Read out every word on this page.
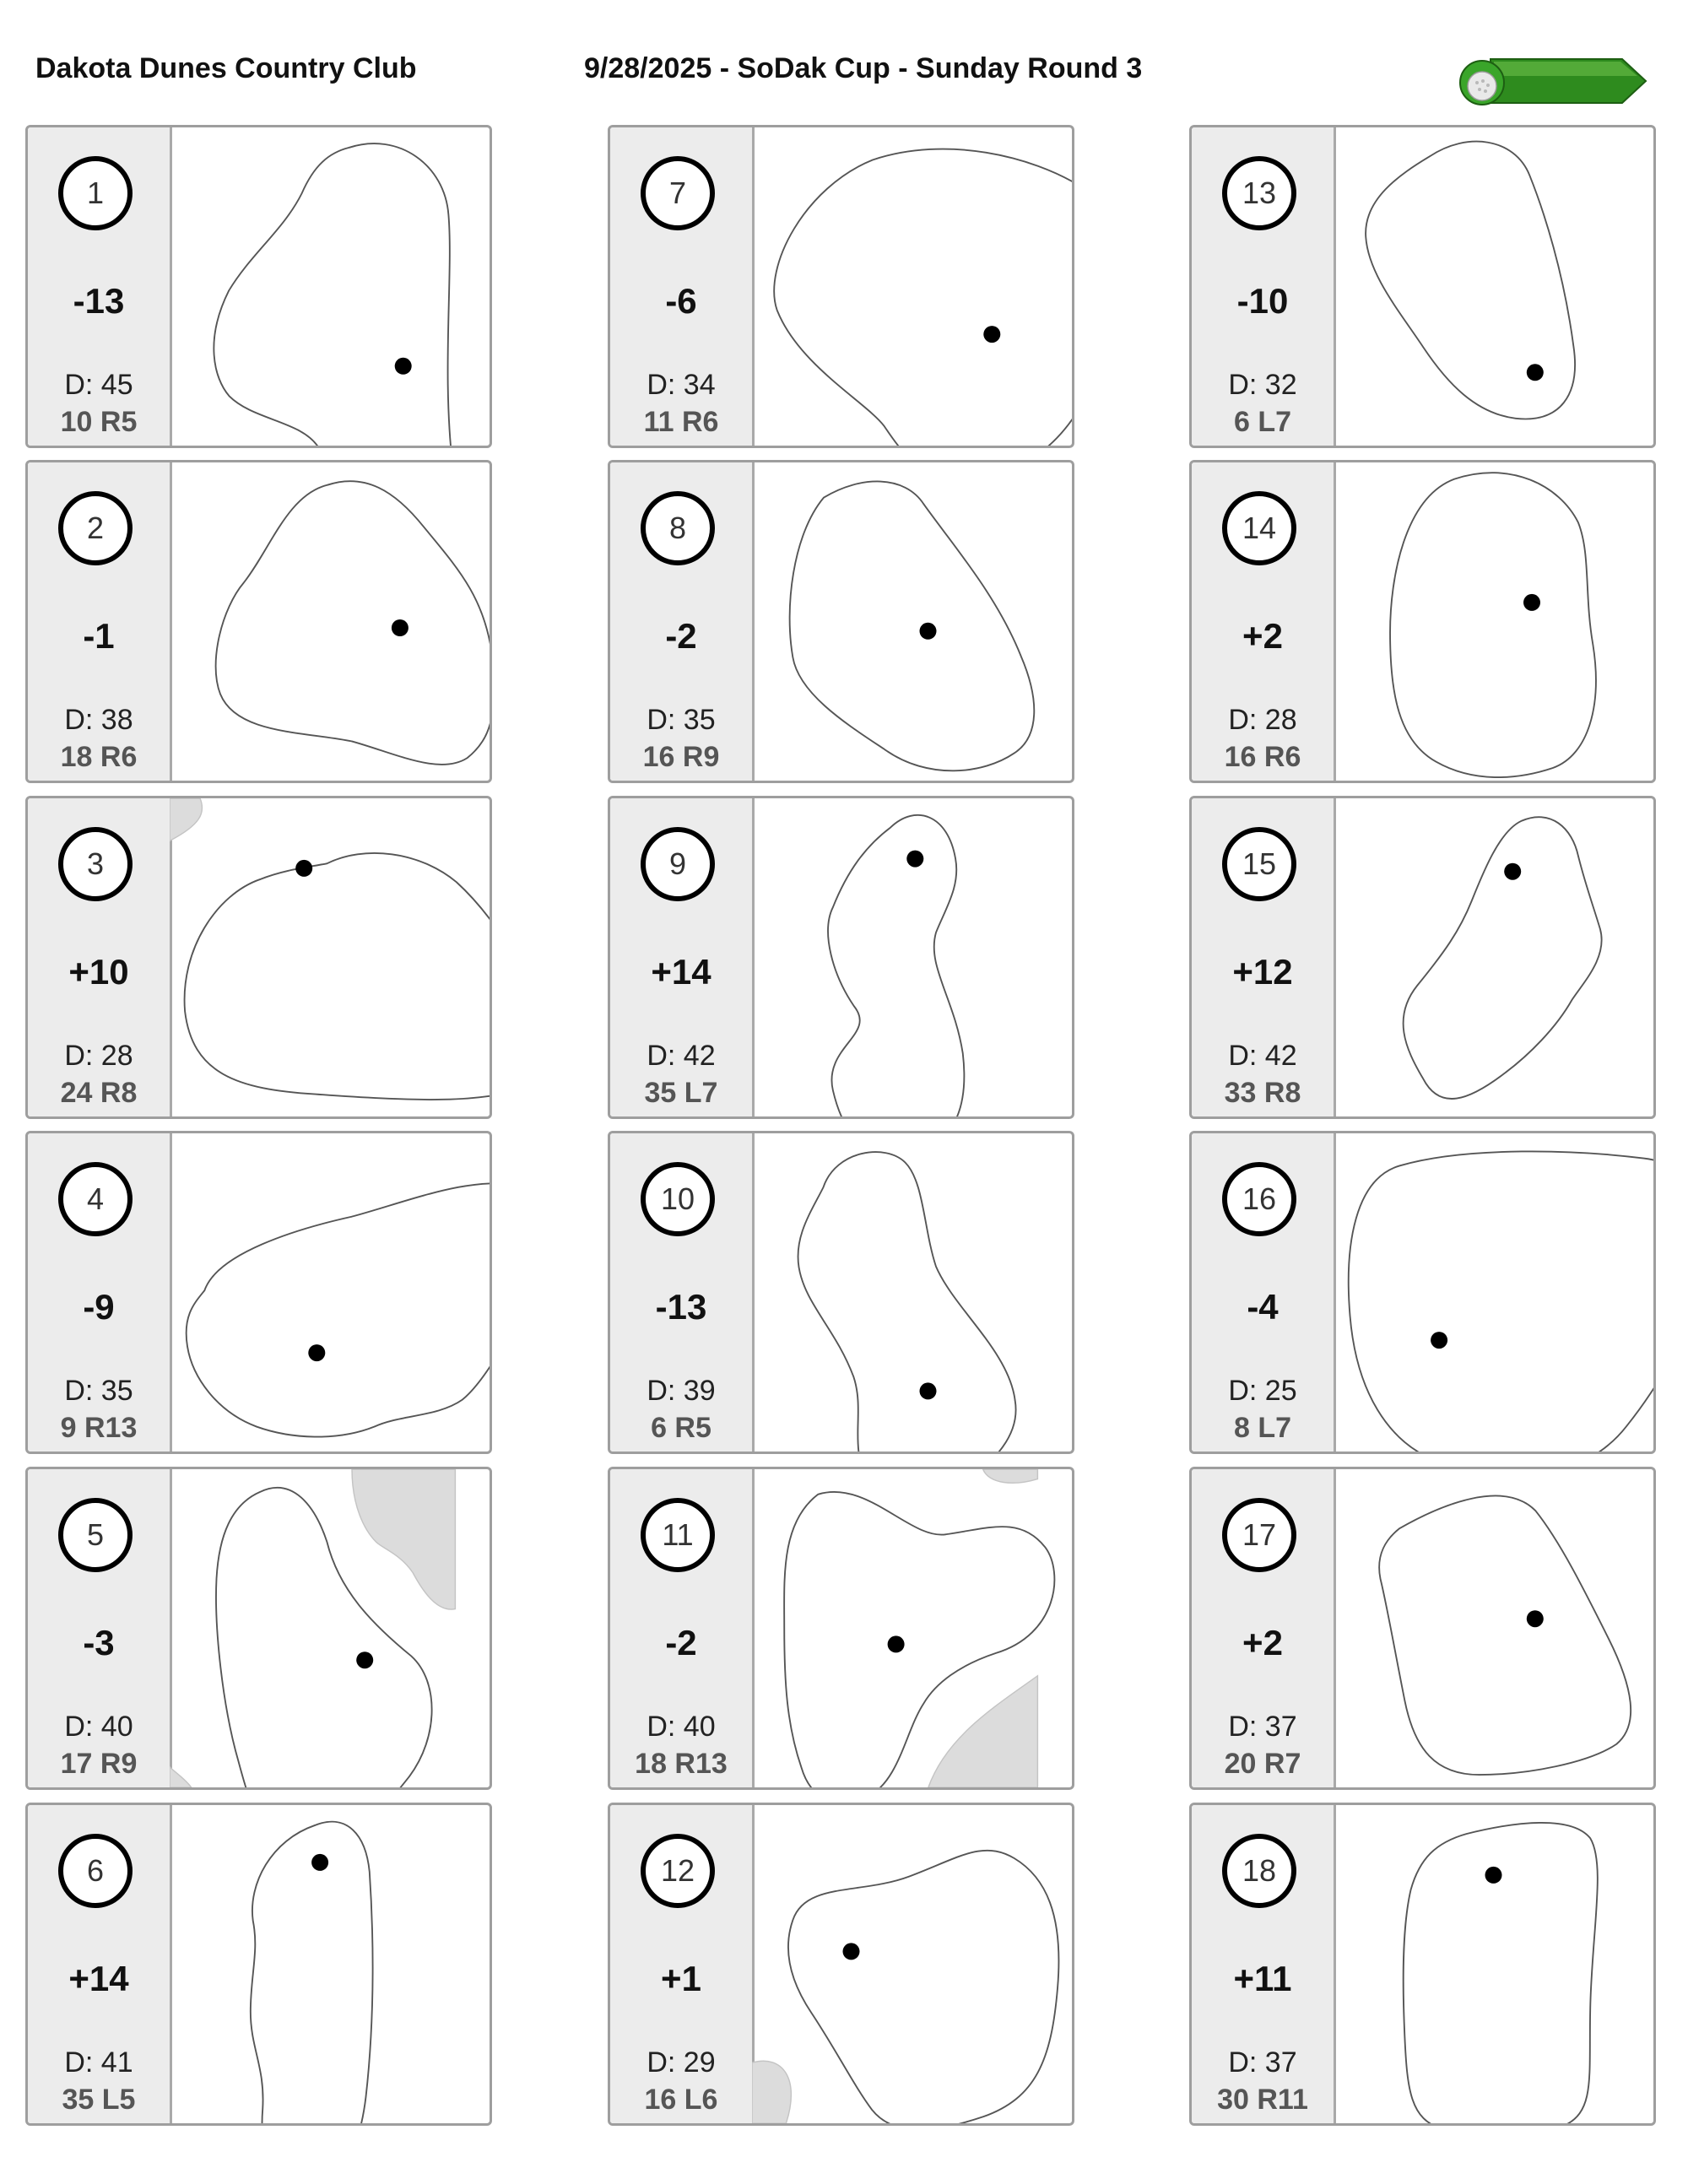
Dakota Dunes Country Club	9/28/2025 - SoDak Cup - Sunday Round 3
1
-13
D: 45
10 R5
2
-1
D: 38
18 R6
3
+10
D: 28
24 R8
4
-9
D: 35
9 R13
5
-3
D: 40
17 R9
6
+14
D: 41
35 L5
7
-6
D: 34
11 R6
8
-2
D: 35
16 R9
9
+14
D: 42
35 L7
10
-13
D: 39
6 R5
11
-2
D: 40
18 R13
12
+1
D: 29
16 L6
13
-10
D: 32
6 L7
14
+2
D: 28
16 R6
15
+12
D: 42
33 R8
16
-4
D: 25
8 L7
17
+2
D: 37
20 R7
18
+11
D: 37
30 R11
